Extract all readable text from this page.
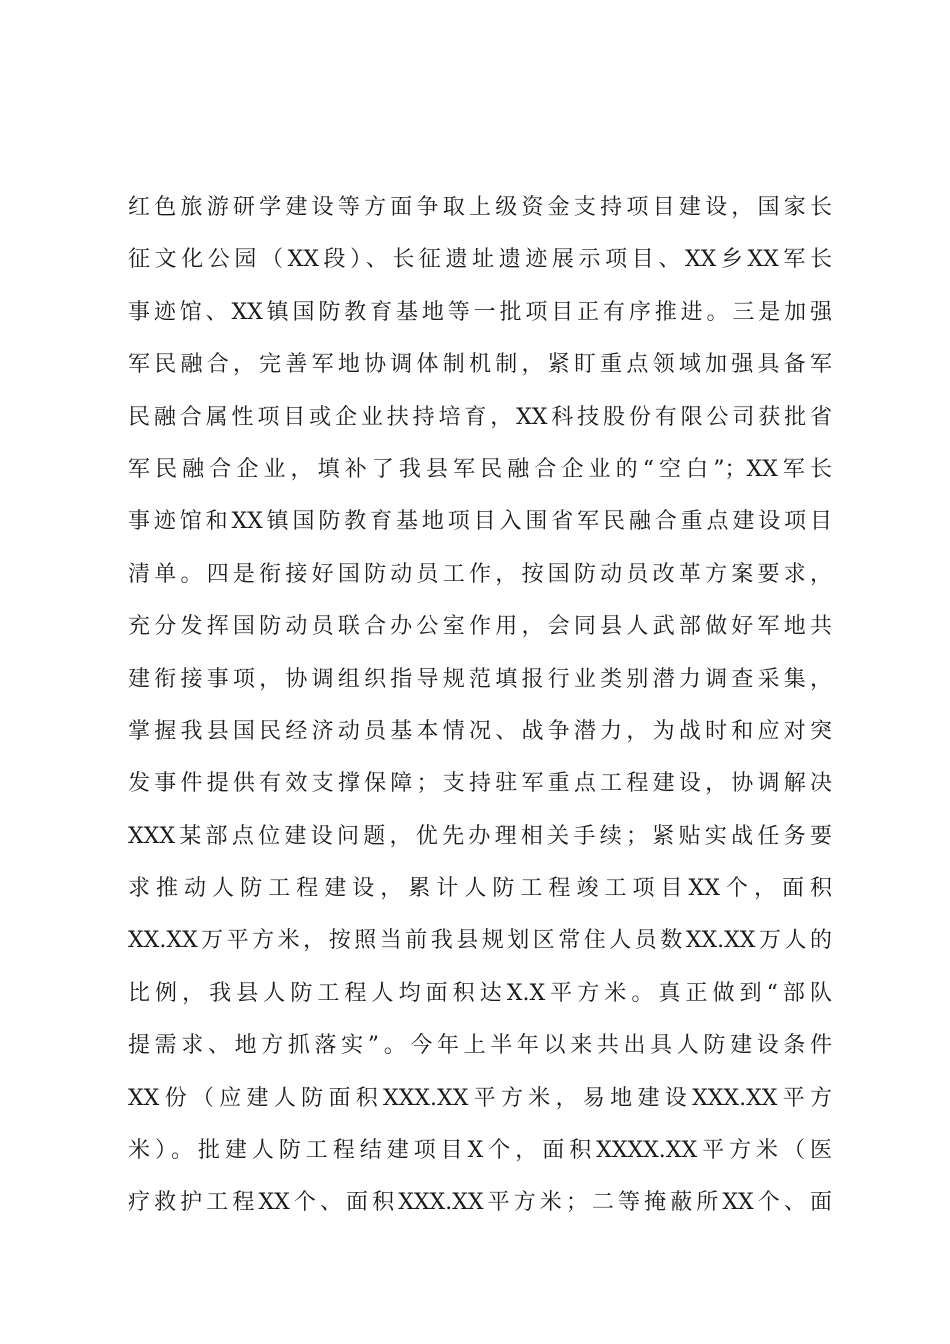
红色旅游研学建设等方面争取上级资金支持项目建设，国家长
征文化公园（XX段）、长征遗址遗迹展示项目、XX乡XX军长
事迹馆、XX镇国防教育基地等一批项目正有序推进。三是加强
军民融合，完善军地协调体制机制，紧盯重点领域加强具备军
民融合属性项目或企业扶持培育，XX科技股份有限公司获批省
军民融合企业，填补了我县军民融合企业的“空白”；XX军长
事迹馆和XX镇国防教育基地项目入围省军民融合重点建设项目
清单。四是衔接好国防动员工作，按国防动员改革方案要求，
充分发挥国防动员联合办公室作用，会同县人武部做好军地共
建衔接事项，协调组织指导规范填报行业类别潜力调查采集，
掌握我县国民经济动员基本情况、战争潜力，为战时和应对突
发事件提供有效支撑保障；支持驻军重点工程建设，协调解决
XXX某部点位建设问题，优先办理相关手续；紧贴实战任务要
求推动人防工程建设，累计人防工程竣工项目XX个，面积
XX.XX万平方米，按照当前我县规划区常住人员数XX.XX万人的
比例，我县人防工程人均面积达X.X平方米。真正做到“部队
提需求、地方抓落实”。今年上半年以来共出具人防建设条件
XX份（应建人防面积XXX.XX平方米，易地建设XXX.XX平方
米）。批建人防工程结建项目X个，面积XXXX.XX平方米（医
疗救护工程XX个、面积XXX.XX平方米；二等掩蔽所XX个、面
